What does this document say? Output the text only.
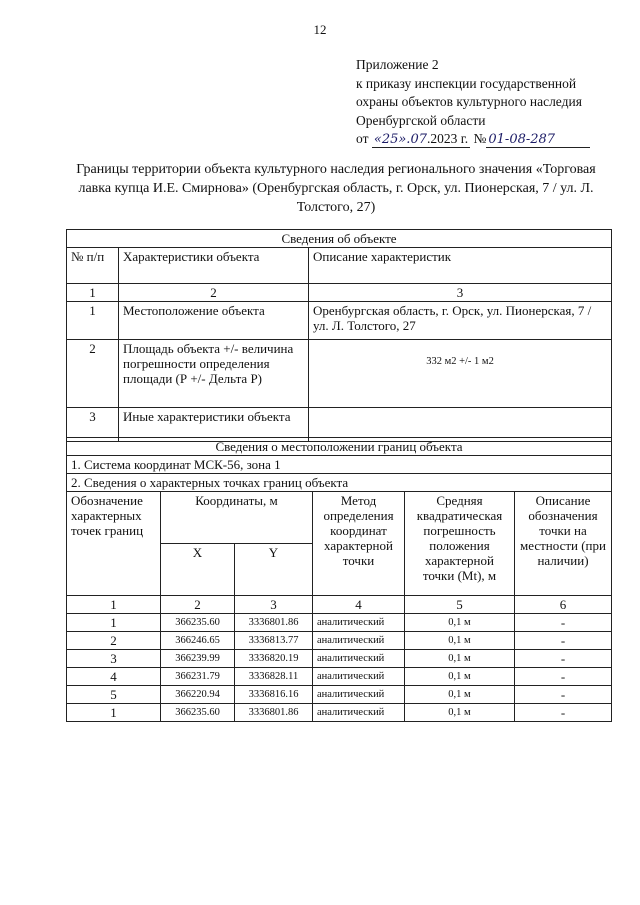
12
Приложение 2
к приказу инспекции государственной
охраны объектов культурного наследия
Оренбургской области
от «25».07.2023 г. № 01-08-287
Границы территории объекта культурного наследия регионального значения «Торговая лавка купца И.Е. Смирнова» (Оренбургская область, г. Орск, ул. Пионерская, 7 / ул. Л. Толстого, 27)
Сведения об объекте		
№ п/п	Характеристики объекта	Описание характеристик
1	2	3
1	Местоположение объекта	Оренбургская область, г. Орск, ул. Пионерская, 7 / ул. Л. Толстого, 27
2	Площадь объекта +/- величина погрешности определения площади (Р +/- Дельта Р)	332 м2 +/- 1 м2
3	Иные характеристики объекта	
Сведения о местоположении границ объекта					
1. Система координат МСК-56, зона 1					
2. Сведения о характерных точках границ объекта					
Обозначение характерных точек границ	Координаты, м		Метод определения координат характерной точки	Средняя квадратическая погрешность положения характерной точки (Mt), м	Описание обозначения точки на местности (при наличии)
	X	Y			
1	2	3	4	5	6
1	366235.60	3336801.86	аналитический	0,1 м	-
2	366246.65	3336813.77	аналитический	0,1 м	-
3	366239.99	3336820.19	аналитический	0,1 м	-
4	366231.79	3336828.11	аналитический	0,1 м	-
5	366220.94	3336816.16	аналитический	0,1 м	-
1	366235.60	3336801.86	аналитический	0,1 м	-
